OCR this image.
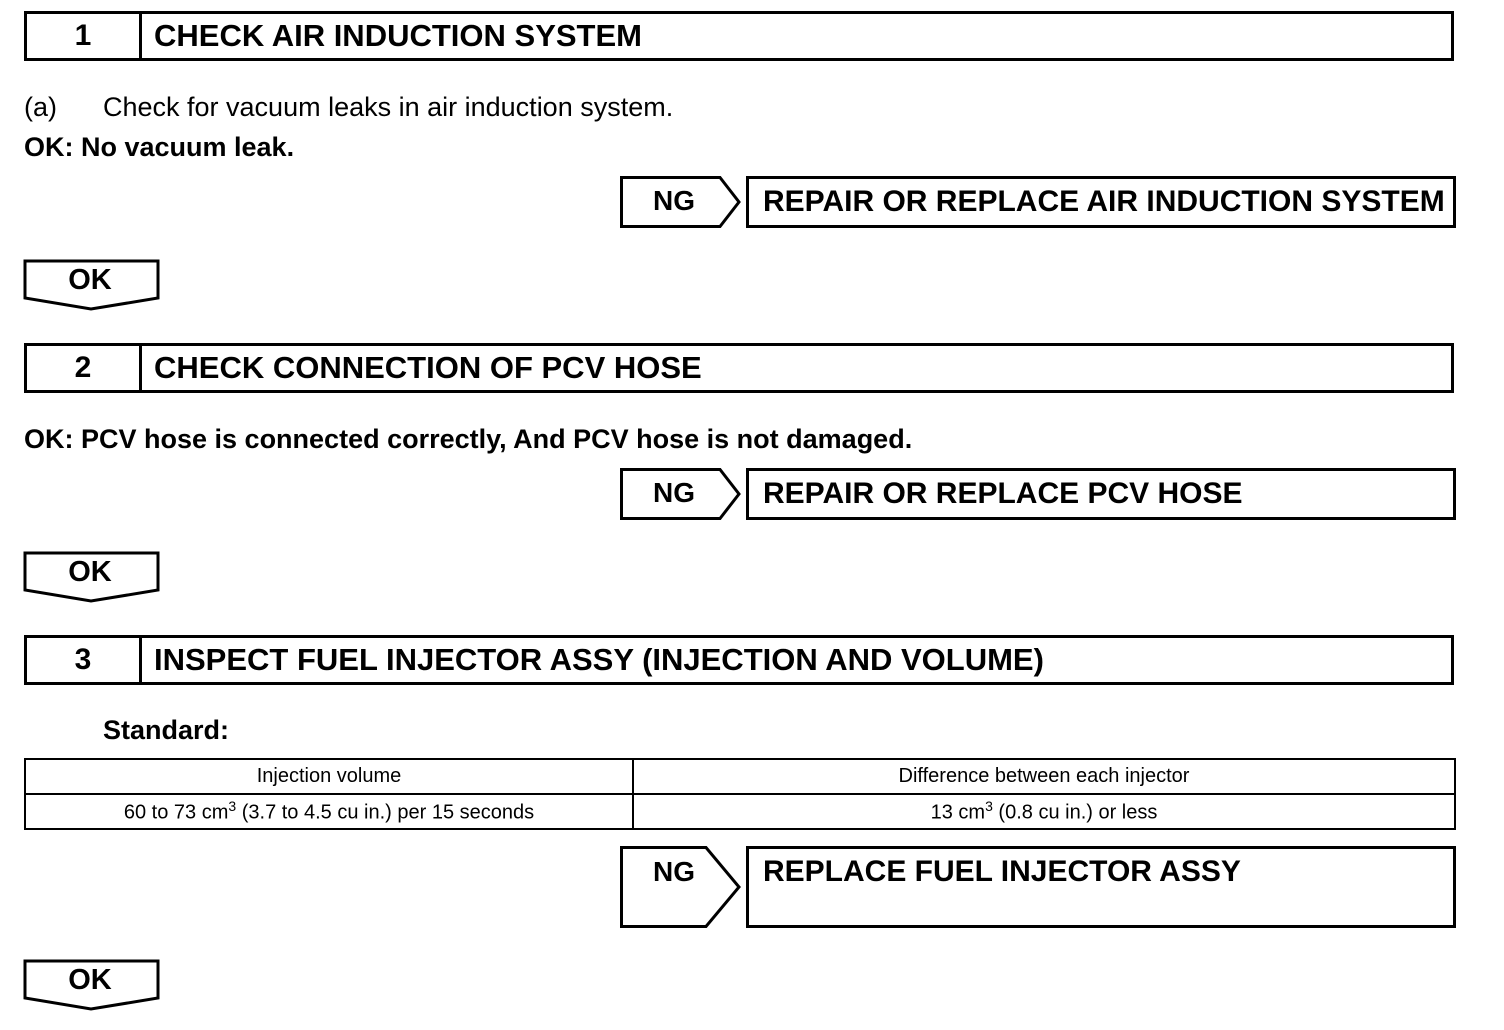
1	CHECK AIR INDUCTION SYSTEM
(a) Check for vacuum leaks in air induction system.
OK: No vacuum leak.
NG	REPAIR OR REPLACE AIR INDUCTION SYSTEM
OK
2	CHECK CONNECTION OF PCV HOSE
OK: PCV hose is connected correctly, And PCV hose is not damaged.
NG	REPAIR OR REPLACE PCV HOSE
OK
3	INSPECT FUEL INJECTOR ASSY (INJECTION AND VOLUME)
Standard:
Injection volume	Difference between each injector
60 to 73 $cm^3$ (3.7 to 4.5 cu in.) per 15 seconds	13 $cm^3$ (0.8 cu in.) or less
NG	REPLACE FUEL INJECTOR ASSY
OK
